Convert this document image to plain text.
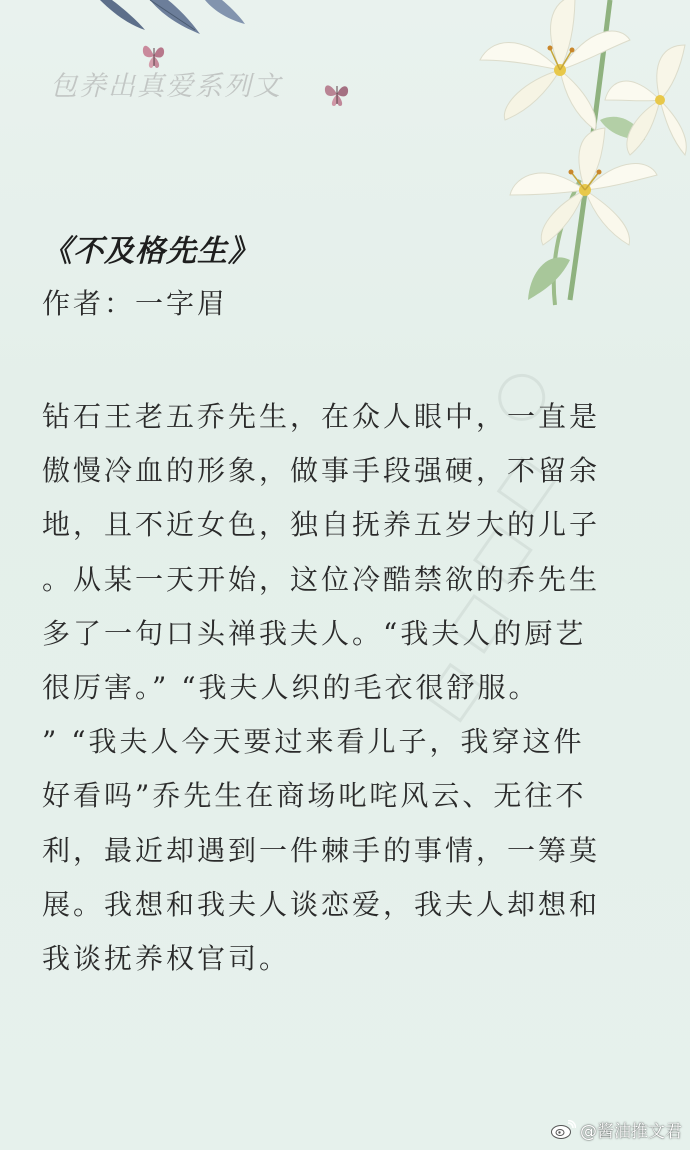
包养出真爱系列文
《不及格先生》
作者：一字眉

钻石王老五乔先生，在众人眼中，一直是
傲慢冷血的形象，做事手段强硬，不留余
地，且不近女色，独自抚养五岁大的儿子
。从某一天开始，这位冷酷禁欲的乔先生
多了一句口头禅我夫人。“我夫人的厨艺
很厉害。” “我夫人织的毛衣很舒服。
” “我夫人今天要过来看儿子，我穿这件
好看吗”乔先生在商场叱咤风云、无往不
利，最近却遇到一件棘手的事情，一筹莫
展。我想和我夫人谈恋爱，我夫人却想和
我谈抚养权官司。

@酱油推文君
